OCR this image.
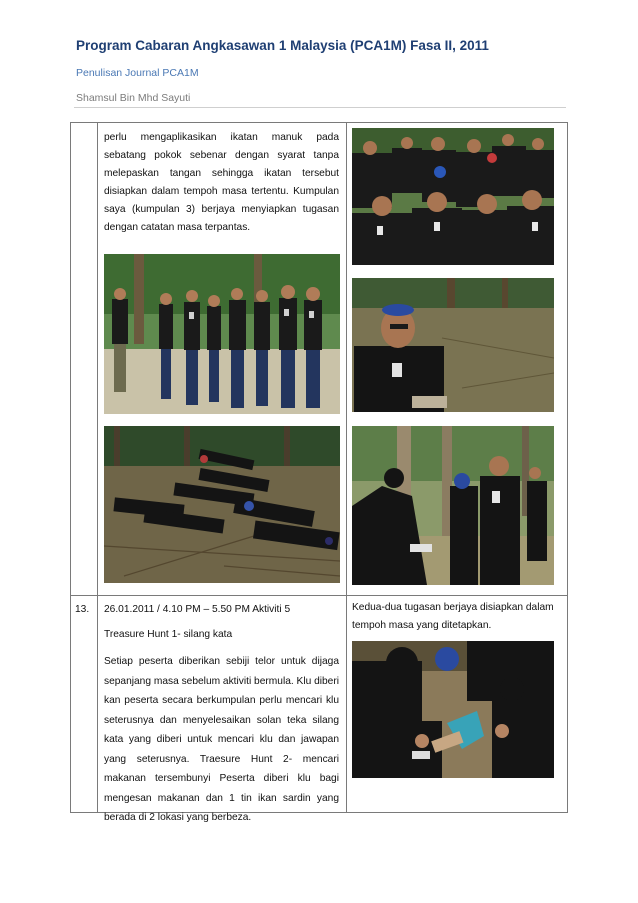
Program Cabaran Angkasawan 1 Malaysia (PCA1M) Fasa II, 2011
Penulisan Journal PCA1M
Shamsul Bin Mhd Sayuti
perlu mengaplikasikan ikatan manuk pada sebatang pokok sebenar dengan syarat tanpa melepaskan tangan sehingga ikatan tersebut disiapkan dalam tempoh masa tertentu. Kumpulan saya (kumpulan 3) berjaya menyiapkan tugasan dengan catatan masa terpantas.
13. 26.01.2011 / 4.10 PM – 5.50 PM Aktiviti 5
Treasure Hunt 1- silang kata
Setiap peserta diberikan sebiji telor untuk dijaga sepanjang masa sebelum aktiviti bermula. Klu diberi kan peserta secara berkumpulan perlu mencari klu seterusnya dan menyelesaikan solan teka silang kata yang diberi untuk mencari klu dan jawapan yang seterusnya. Traesure Hunt 2- mencari makanan tersembunyi Peserta diberi klu bagi mengesan makanan dan 1 tin ikan sardin yang berada di 2 lokasi yang berbeza.
Kedua-dua tugasan berjaya disiapkan dalam tempoh masa yang ditetapkan.
